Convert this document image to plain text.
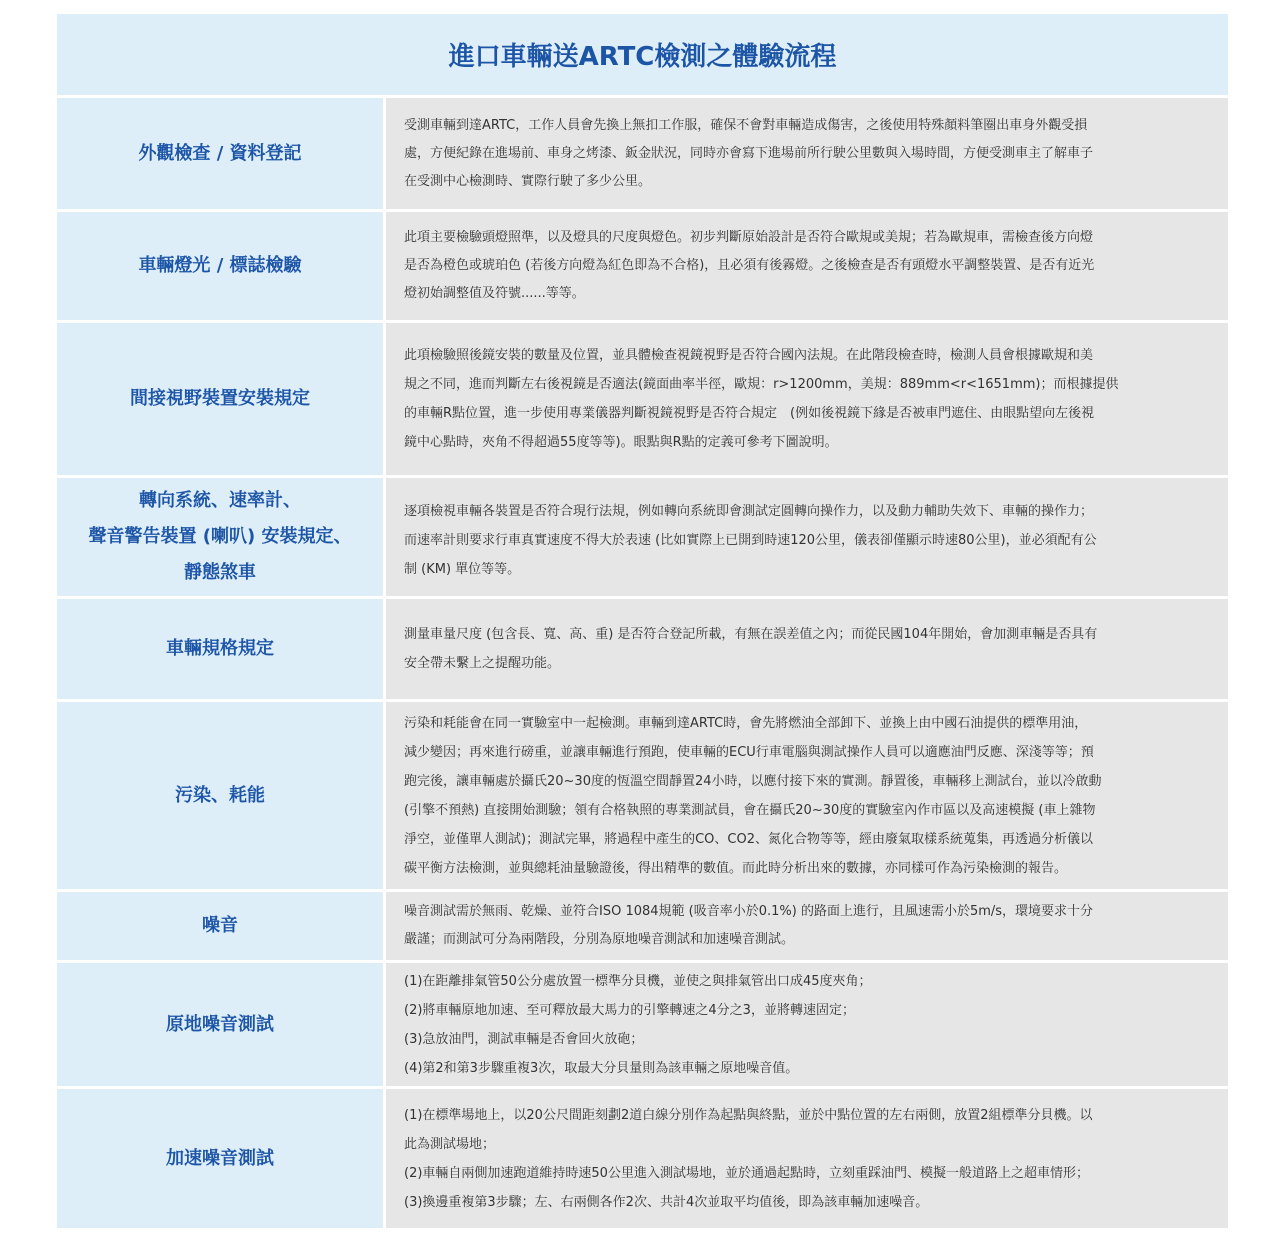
進口車輛送ARTC檢測之體驗流程
外觀檢查 / 資料登記

受測車輛到達ARTC，工作人員會先換上無扣工作服，確保不會對車輛造成傷害，之後使用特殊顏料筆圈出車身外觀受損

處，方便紀錄在進場前、車身之烤漆、鈑金狀況，同時亦會寫下進場前所行駛公里數與入場時間，方便受測車主了解車子

在受測中心檢測時、實際行駛了多少公里。

車輛燈光 / 標誌檢驗

此項主要檢驗頭燈照準，以及燈具的尺度與燈色。初步判斷原始設計是否符合歐規或美規；若為歐規車，需檢查後方向燈

是否為橙色或琥珀色 (若後方向燈為紅色即為不合格)，且必須有後霧燈。之後檢查是否有頭燈水平調整裝置、是否有近光

燈初始調整值及符號......等等。

間接視野裝置安裝規定

此項檢驗照後鏡安裝的數量及位置，並具體檢查視鏡視野是否符合國內法規。在此階段檢查時，檢測人員會根據歐規和美

規之不同，進而判斷左右後視鏡是否適法(鏡面曲率半徑，歐規：r>1200mm，美規：889mm<r<1651mm)；而根據提供

的車輛R點位置，進一步使用專業儀器判斷視鏡視野是否符合規定　(例如後視鏡下緣是否被車門遮住、由眼點望向左後視

鏡中心點時，夾角不得超過55度等等)。眼點與R點的定義可參考下圖說明。

轉向系統、速率計、
聲音警告裝置 (喇叭) 安裝規定、
靜態煞車

逐項檢視車輛各裝置是否符合現行法規，例如轉向系統即會測試定圓轉向操作力，以及動力輔助失效下、車輛的操作力；

而速率計則要求行車真實速度不得大於表速 (比如實際上已開到時速120公里，儀表卻僅顯示時速80公里)，並必須配有公

制 (KM) 單位等等。

車輛規格規定

測量車量尺度 (包含長、寬、高、重) 是否符合登記所載，有無在誤差值之內；而從民國104年開始，會加測車輛是否具有

安全帶未繫上之提醒功能。

污染、耗能

污染和耗能會在同一實驗室中一起檢測。車輛到達ARTC時，會先將燃油全部卸下、並換上由中國石油提供的標準用油，

減少變因；再來進行磅重，並讓車輛進行預跑，使車輛的ECU行車電腦與測試操作人員可以適應油門反應、深淺等等；預

跑完後，讓車輛處於攝氏20~30度的恆溫空間靜置24小時，以應付接下來的實測。靜置後，車輛移上測試台，並以冷啟動

(引擎不預熱) 直接開始測驗；領有合格執照的專業測試員，會在攝氏20~30度的實驗室內作市區以及高速模擬 (車上雜物

淨空，並僅單人測試)；測試完畢，將過程中產生的CO、CO2、氮化合物等等，經由廢氣取樣系統蒐集，再透過分析儀以

碳平衡方法檢測，並與總耗油量驗證後，得出精準的數值。而此時分析出來的數據，亦同樣可作為污染檢測的報告。

噪音

噪音測試需於無雨、乾燥、並符合ISO 1084規範 (吸音率小於0.1%) 的路面上進行，且風速需小於5m/s，環境要求十分

嚴謹；而測試可分為兩階段，分別為原地噪音測試和加速噪音測試。

原地噪音測試

(1)在距離排氣管50公分處放置一標準分貝機，並使之與排氣管出口成45度夾角；

(2)將車輛原地加速、至可釋放最大馬力的引擎轉速之4分之3，並將轉速固定；

(3)急放油門，測試車輛是否會回火放砲；

(4)第2和第3步驟重複3次，取最大分貝量則為該車輛之原地噪音值。

加速噪音測試

(1)在標準場地上，以20公尺間距刻劃2道白線分別作為起點與終點，並於中點位置的左右兩側，放置2組標準分貝機。以

此為測試場地；

(2)車輛自兩側加速跑道維持時速50公里進入測試場地，並於通過起點時，立刻重踩油門、模擬一般道路上之超車情形；

(3)換邊重複第3步驟；左、右兩側各作2次、共計4次並取平均值後，即為該車輛加速噪音。
